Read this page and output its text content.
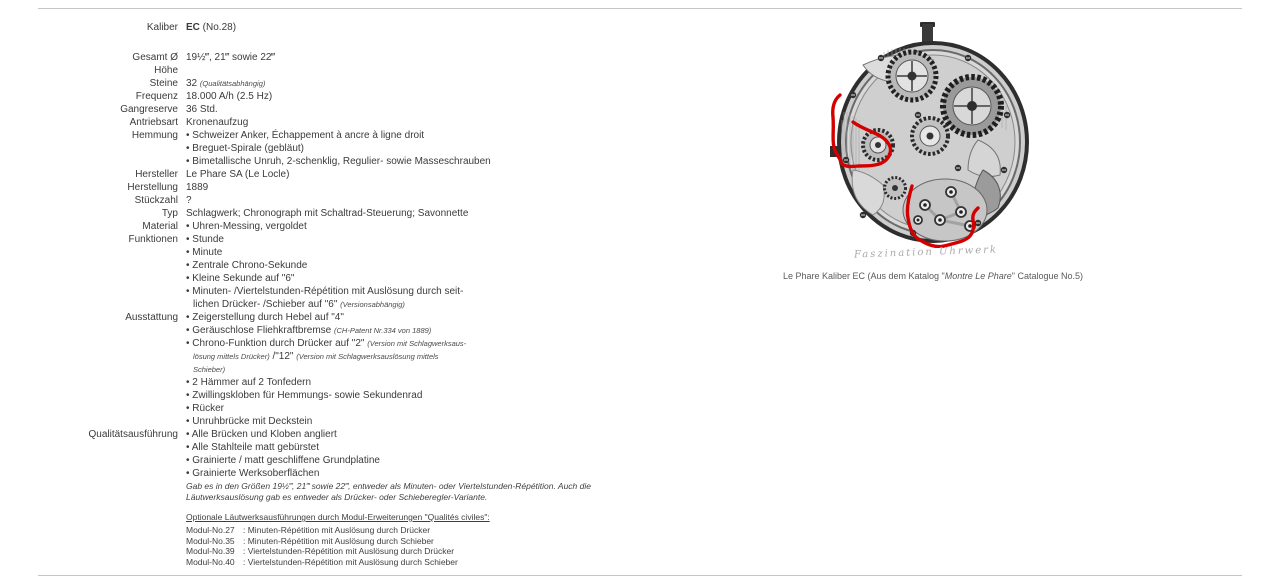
Kaliber EC (No.28)
Gesamt Ø 19½‴, 21‴ sowie 22‴
Höhe

Steine 32 (Qualitätsabhängig)
Frequenz 18.000 A/h (2.5 Hz)
Gangreserve 36 Std.
Antriebsart Kronenaufzug
Hemmung • Schweizer Anker, Échappement à ancre à ligne droit
• Breguet-Spirale (gebläut)
• Bimetallische Unruh, 2-schenklig, Regulier- sowie Masseschrauben
Hersteller Le Phare SA (Le Locle)
Herstellung 1889
Stückzahl ?
Typ Schlagwerk; Chronograph mit Schaltrad-Steuerung; Savonnette
Material • Uhren-Messing, vergoldet
Funktionen • Stunde
• Minute
• Zentrale Chrono-Sekunde
• Kleine Sekunde auf "6"
• Minuten- /Viertelstunden-Répétition mit Auslösung durch seit-
lichen Drücker- /Schieber auf "6" (Versionsabhängig)
Ausstattung • Zeigerstellung durch Hebel auf "4"
• Geräuschlose Fliehkraftbremse (CH-Patent Nr.334 von 1889)
• Chrono-Funktion durch Drücker auf "2" (Version mit Schlagwerksaus-
lösung mittels Drücker) /"12" (Version mit Schlagwerksauslösung mittels
Schieber)
• 2 Hämmer auf 2 Tonfedern
• Zwillingskloben für Hemmungs- sowie Sekundenrad
• Rücker
• Unruhbrücke mit Deckstein
Qualitätsausführung • Alle Brücken und Kloben angliert
• Alle Stahlteile matt gebürstet
• Grainierte / matt geschliffene Grundplatine
• Grainierte Werksoberflächen
Gab es in den Größen 19½‴, 21‴ sowie 22‴, entweder als Minuten- oder Viertelstunden-Répétition. Auch die
Läutwerksauslösung gab es entweder als Drücker- oder Schieberegler-Variante.
Optionale Läutwerksausführungen durch Modul-Erweiterungen "Qualités civiles":
Modul-No.27 : Minuten-Répétition mit Auslösung durch Drücker
Modul-No.35 : Minuten-Répétition mit Auslösung durch Schieber
Modul-No.39 : Viertelstunden-Répétition mit Auslösung durch Drücker
Modul-No.40 : Viertelstunden-Répétition mit Auslösung durch Schieber
Faszination Uhrwerk
Le Phare Kaliber EC (Aus dem Katalog "Montre Le Phare" Catalogue No.5)
